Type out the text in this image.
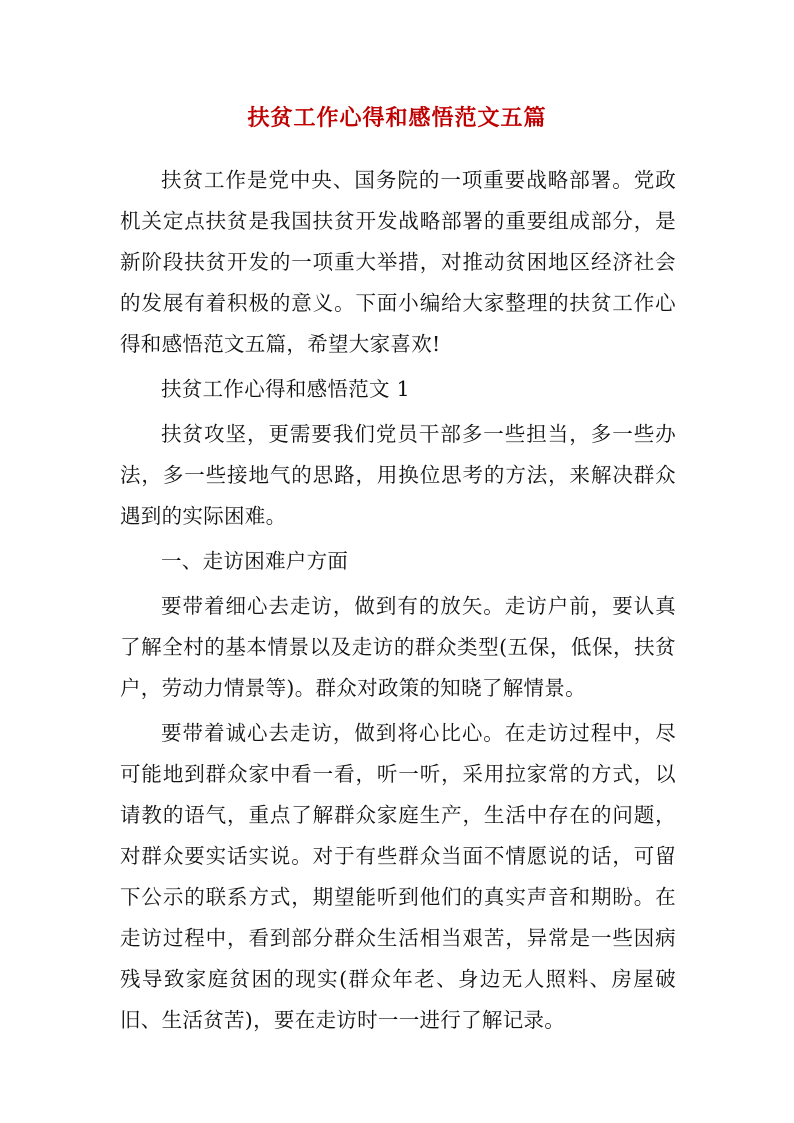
扶贫工作心得和感悟范文五篇

扶贫工作是党中央、国务院的一项重要战略部署。党政机关定点扶贫是我国扶贫开发战略部署的重要组成部分，是新阶段扶贫开发的一项重大举措，对推动贫困地区经济社会的发展有着积极的意义。下面小编给大家整理的扶贫工作心得和感悟范文五篇，希望大家喜欢!

扶贫工作心得和感悟范文 1

扶贫攻坚，更需要我们党员干部多一些担当，多一些办法，多一些接地气的思路，用换位思考的方法，来解决群众遇到的实际困难。

一、走访困难户方面

要带着细心去走访，做到有的放矢。走访户前，要认真了解全村的基本情景以及走访的群众类型(五保，低保，扶贫户，劳动力情景等)。群众对政策的知晓了解情景。

要带着诚心去走访，做到将心比心。在走访过程中，尽可能地到群众家中看一看，听一听，采用拉家常的方式，以请教的语气，重点了解群众家庭生产，生活中存在的问题，对群众要实话实说。对于有些群众当面不情愿说的话，可留下公示的联系方式，期望能听到他们的真实声音和期盼。在走访过程中，看到部分群众生活相当艰苦，异常是一些因病残导致家庭贫困的现实(群众年老、身边无人照料、房屋破旧、生活贫苦)，要在走访时一一进行了解记录。
